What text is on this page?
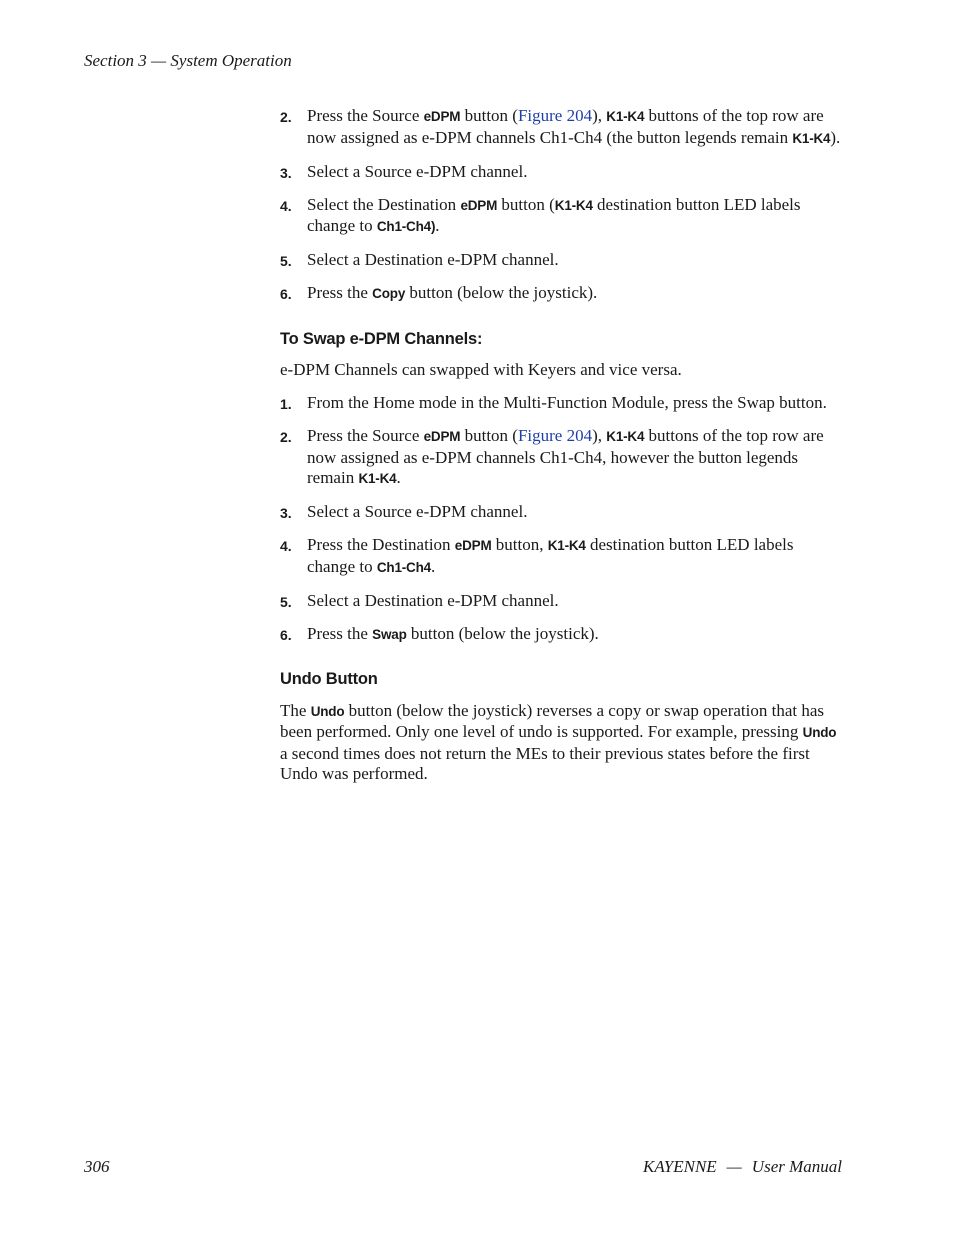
Section 3 — System Operation
2. Press the Source eDPM button (Figure 204), K1-K4 buttons of the top row are now assigned as e-DPM channels Ch1-Ch4 (the button legends remain K1-K4).
3. Select a Source e-DPM channel.
4. Select the Destination eDPM button (K1-K4 destination button LED labels change to Ch1-Ch4).
5. Select a Destination e-DPM channel.
6. Press the Copy button (below the joystick).
To Swap e-DPM Channels:
e-DPM Channels can swapped with Keyers and vice versa.
1. From the Home mode in the Multi-Function Module, press the Swap button.
2. Press the Source eDPM button (Figure 204), K1-K4 buttons of the top row are now assigned as e-DPM channels Ch1-Ch4, however the button legends remain K1-K4.
3. Select a Source e-DPM channel.
4. Press the Destination eDPM button, K1-K4 destination button LED labels change to Ch1-Ch4.
5. Select a Destination e-DPM channel.
6. Press the Swap button (below the joystick).
Undo Button
The Undo button (below the joystick) reverses a copy or swap operation that has been performed. Only one level of undo is supported. For example, pressing Undo a second times does not return the MEs to their previous states before the first Undo was performed.
306	KAYENNE — User Manual
